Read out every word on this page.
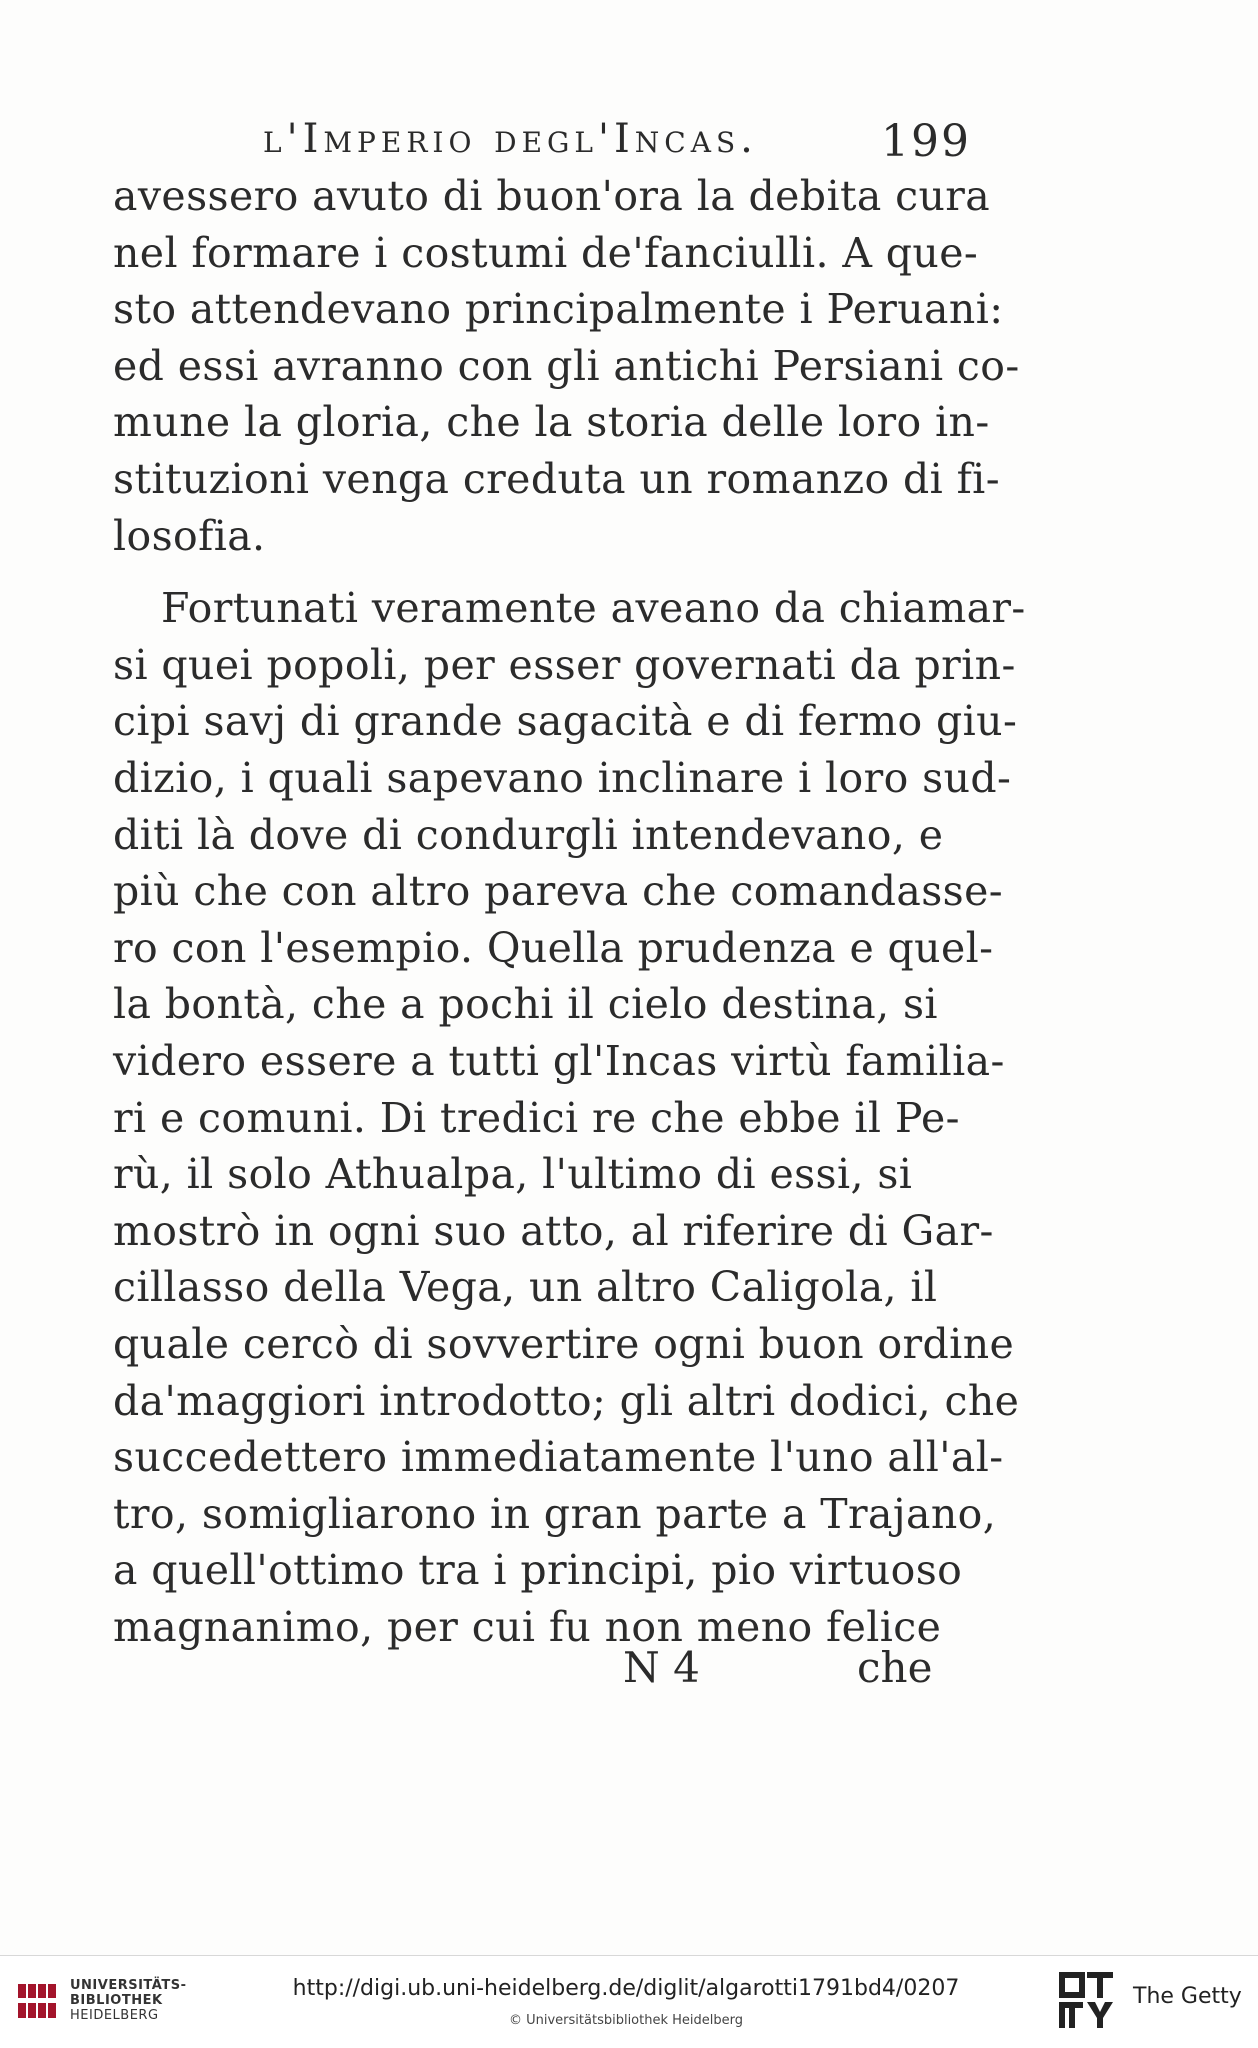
l'Imperio degl'Incas.	199
avessero avuto di buon'ora la debita cura
nel formare i costumi de'fanciulli. A que-
sto attendevano principalmente i Peruani:
ed essi avranno con gli antichi Persiani co-
mune la gloria, che la storia delle loro in-
stituzioni venga creduta un romanzo di fi-
losofia.
Fortunati veramente aveano da chiamar-
si quei popoli, per esser governati da prin-
cipi savj di grande sagacità e di fermo giu-
dizio, i quali sapevano inclinare i loro sud-
diti là dove di condurgli intendevano, e
più che con altro pareva che comandasse-
ro con l'esempio. Quella prudenza e quel-
la bontà, che a pochi il cielo destina, si
videro essere a tutti gl'Incas virtù familia-
ri e comuni. Di tredici re che ebbe il Pe-
rù, il solo Athualpa, l'ultimo di essi, si
mostrò in ogni suo atto, al riferire di Gar-
cillasso della Vega, un altro Caligola, il
quale cercò di sovvertire ogni buon ordine
da'maggiori introdotto; gli altri dodici, che
succedettero immediatamente l'uno all'al-
tro, somigliarono in gran parte a Trajano,
a quell'ottimo tra i principi, pio virtuoso
magnanimo, per cui fu non meno felice
N 4	che
UNIVERSITÄTS-
BIBLIOTHEK
HEIDELBERG
http://digi.ub.uni-heidelberg.de/diglit/algarotti1791bd4/0207
© Universitätsbibliothek Heidelberg
The Getty
